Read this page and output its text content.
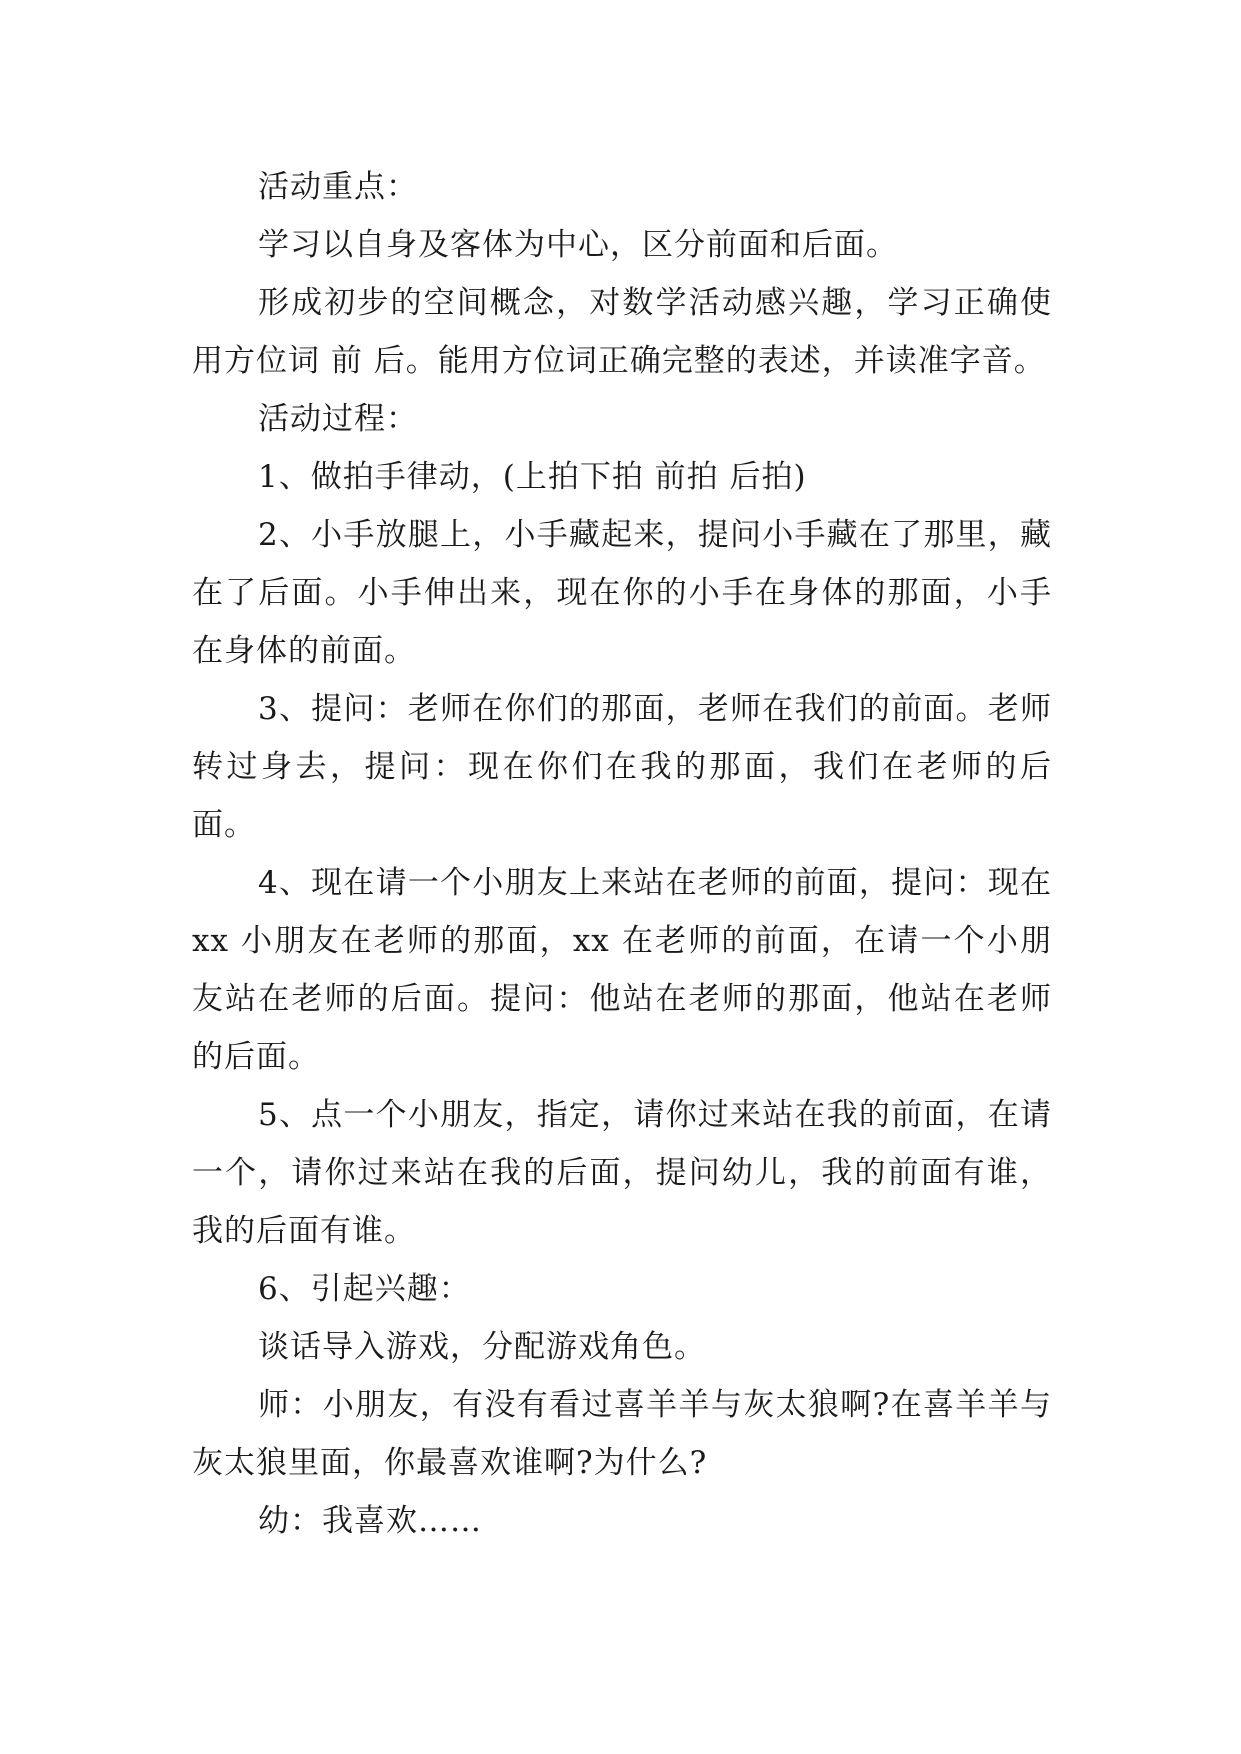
活动重点：

学习以自身及客体为中心，区分前面和后面。

形成初步的空间概念，对数学活动感兴趣，学习正确使用方位词 前 后。能用方位词正确完整的表述，并读准字音。

活动过程：

1、做拍手律动，(上拍下拍 前拍 后拍)

2、小手放腿上，小手藏起来，提问小手藏在了那里，藏在了后面。小手伸出来，现在你的小手在身体的那面，小手在身体的前面。

3、提问：老师在你们的那面，老师在我们的前面。老师转过身去，提问：现在你们在我的那面，我们在老师的后面。

4、现在请一个小朋友上来站在老师的前面，提问：现在 xx 小朋友在老师的那面，xx 在老师的前面，在请一个小朋友站在老师的后面。提问：他站在老师的那面，他站在老师的后面。

5、点一个小朋友，指定，请你过来站在我的前面，在请一个，请你过来站在我的后面，提问幼儿，我的前面有谁，我的后面有谁。

6、引起兴趣：

谈话导入游戏，分配游戏角色。

师：小朋友，有没有看过喜羊羊与灰太狼啊?在喜羊羊与灰太狼里面，你最喜欢谁啊?为什么?

幼：我喜欢……
